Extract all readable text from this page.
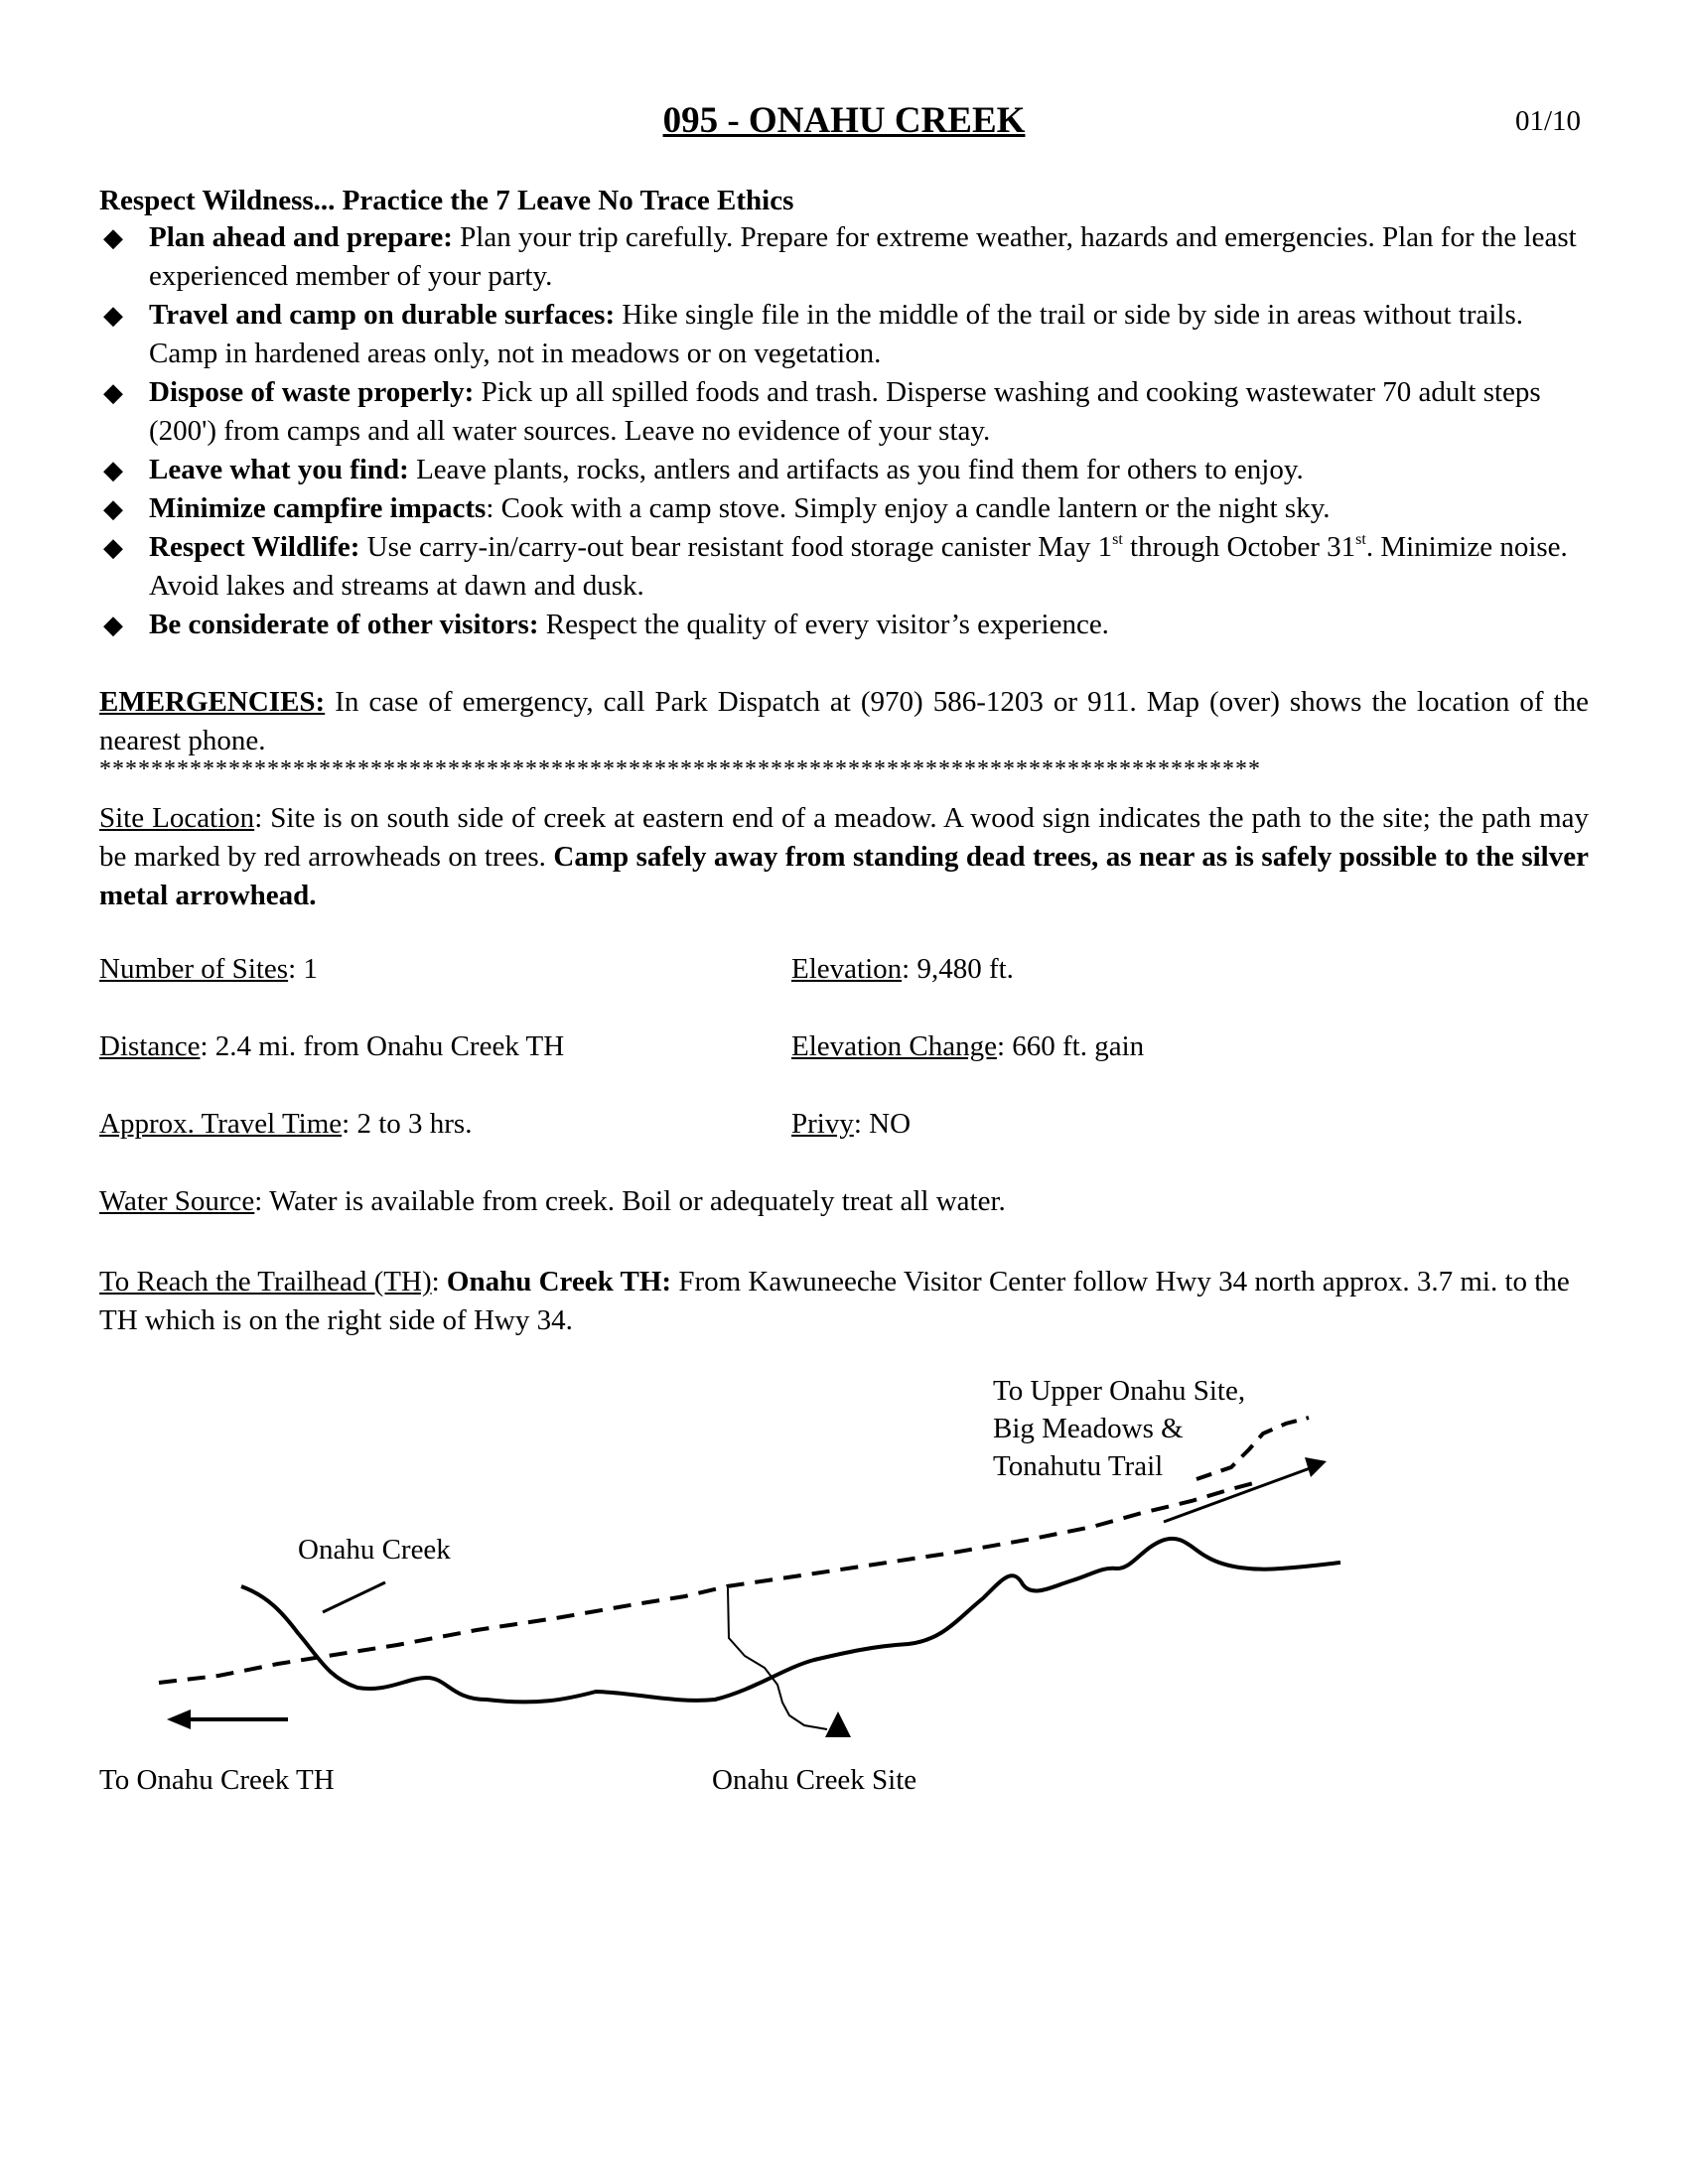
095 - ONAHU CREEK	01/10
Respect Wildness... Practice the 7 Leave No Trace Ethics
◆ Plan ahead and prepare: Plan your trip carefully. Prepare for extreme weather, hazards and emergencies. Plan for the least experienced member of your party.
◆ Travel and camp on durable surfaces: Hike single file in the middle of the trail or side by side in areas without trails. Camp in hardened areas only, not in meadows or on vegetation.
◆ Dispose of waste properly: Pick up all spilled foods and trash. Disperse washing and cooking wastewater 70 adult steps (200') from camps and all water sources. Leave no evidence of your stay.
◆ Leave what you find: Leave plants, rocks, antlers and artifacts as you find them for others to enjoy.
◆ Minimize campfire impacts: Cook with a camp stove. Simply enjoy a candle lantern or the night sky.
◆ Respect Wildlife: Use carry-in/carry-out bear resistant food storage canister May 1st through October 31st. Minimize noise. Avoid lakes and streams at dawn and dusk.
◆ Be considerate of other visitors: Respect the quality of every visitor’s experience.
EMERGENCIES: In case of emergency, call Park Dispatch at (970) 586-1203 or 911. Map (over) shows the location of the nearest phone.
******************************************************************************************
Site Location: Site is on south side of creek at eastern end of a meadow. A wood sign indicates the path to the site; the path may be marked by red arrowheads on trees. Camp safely away from standing dead trees, as near as is safely possible to the silver metal arrowhead.
Number of Sites: 1	Elevation: 9,480 ft.
Distance: 2.4 mi. from Onahu Creek TH	Elevation Change: 660 ft. gain
Approx. Travel Time: 2 to 3 hrs.	Privy: NO
Water Source: Water is available from creek. Boil or adequately treat all water.
To Reach the Trailhead (TH): Onahu Creek TH: From Kawuneeche Visitor Center follow Hwy 34 north approx. 3.7 mi. to the TH which is on the right side of Hwy 34.
To Upper Onahu Site,
Big Meadows &
Tonahutu Trail
Onahu Creek
To Onahu Creek TH	Onahu Creek Site
